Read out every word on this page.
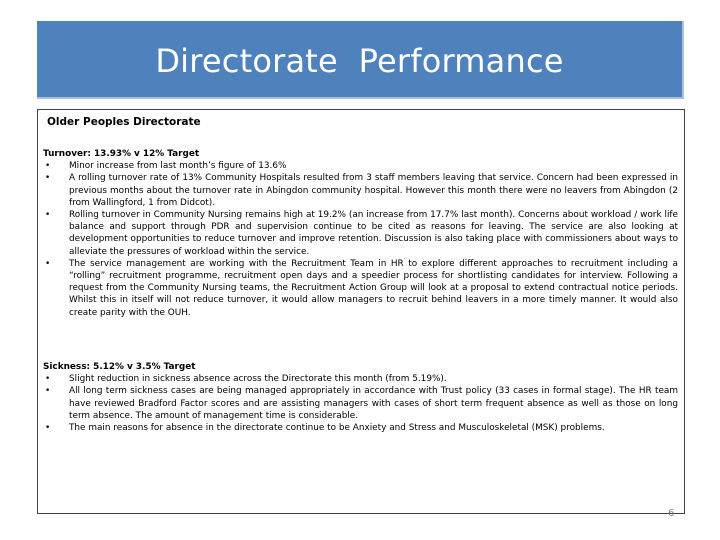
Directorate  Performance
Older Peoples Directorate
Turnover: 13.93% v 12% Target
• Minor increase from last month’s figure of 13.6%
• A rolling turnover rate of 13% Community Hospitals resulted from 3 staff members leaving that service. Concern had been expressed in previous months about the turnover rate in Abingdon community hospital. However this month there were no leavers from Abingdon (2 from Wallingford, 1 from Didcot).
• Rolling turnover in Community Nursing remains high at 19.2% (an increase from 17.7% last month). Concerns about workload / work life balance and support through PDR and supervision continue to be cited as reasons for leaving. The service are also looking at development opportunities to reduce turnover and improve retention. Discussion is also taking place with commissioners about ways to alleviate the pressures of workload within the service.
• The service management are working with the Recruitment Team in HR to explore different approaches to recruitment including a “rolling” recruitment programme, recruitment open days and a speedier process for shortlisting candidates for interview. Following a request from the Community Nursing teams, the Recruitment Action Group will look at a proposal to extend contractual notice periods. Whilst this in itself will not reduce turnover, it would allow managers to recruit behind leavers in a more timely manner. It would also create parity with the OUH.
Sickness: 5.12% v 3.5% Target
• Slight reduction in sickness absence across the Directorate this month (from 5.19%).
• All long term sickness cases are being managed appropriately in accordance with Trust policy (33 cases in formal stage). The HR team have reviewed Bradford Factor scores and are assisting managers with cases of short term frequent absence as well as those on long term absence. The amount of management time is considerable.
• The main reasons for absence in the directorate continue to be Anxiety and Stress and Musculoskeletal (MSK) problems.
6
